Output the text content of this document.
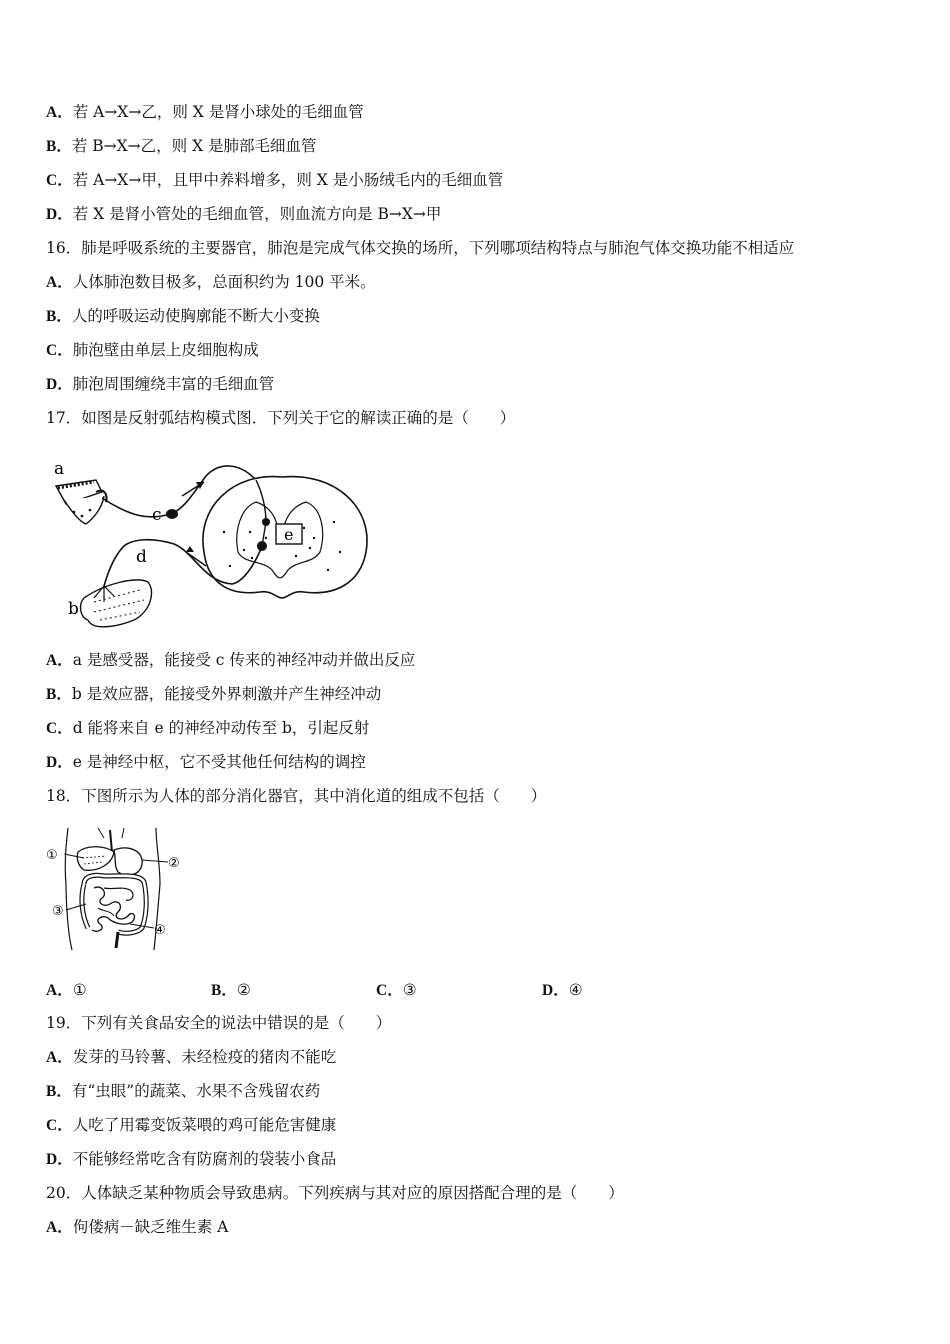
A．若 A→X→乙，则 X 是肾小球处的毛细血管
B．若 B→X→乙，则 X 是肺部毛细血管
C．若 A→X→甲，且甲中养料增多，则 X 是小肠绒毛内的毛细血管
D．若 X 是肾小管处的毛细血管，则血流方向是 B→X→甲
16．肺是呼吸系统的主要器官，肺泡是完成气体交换的场所，下列哪项结构特点与肺泡气体交换功能不相适应
A．人体肺泡数目极多，总面积约为 100 平米。
B．人的呼吸运动使胸廓能不断大小变换
C．肺泡壁由单层上皮细胞构成
D．肺泡周围缠绕丰富的毛细血管
17．如图是反射弧结构模式图．下列关于它的解读正确的是（　　）
a
c
d
b
e
A．a 是感受器，能接受 c 传来的神经冲动并做出反应
B．b 是效应器，能接受外界刺激并产生神经冲动
C．d 能将来自 e 的神经冲动传至 b，引起反射
D．e 是神经中枢，它不受其他任何结构的调控
18．下图所示为人体的部分消化器官，其中消化道的组成不包括（　　）
①
②
③
④
A．①	B．②	C．③	D．④
19．下列有关食品安全的说法中错误的是（　　）
A．发芽的马铃薯、未经检疫的猪肉不能吃
B．有“虫眼”的蔬菜、水果不含残留农药
C．人吃了用霉变饭菜喂的鸡可能危害健康
D．不能够经常吃含有防腐剂的袋装小食品
20．人体缺乏某种物质会导致患病。下列疾病与其对应的原因搭配合理的是（　　）
A．佝偻病－缺乏维生素 A
